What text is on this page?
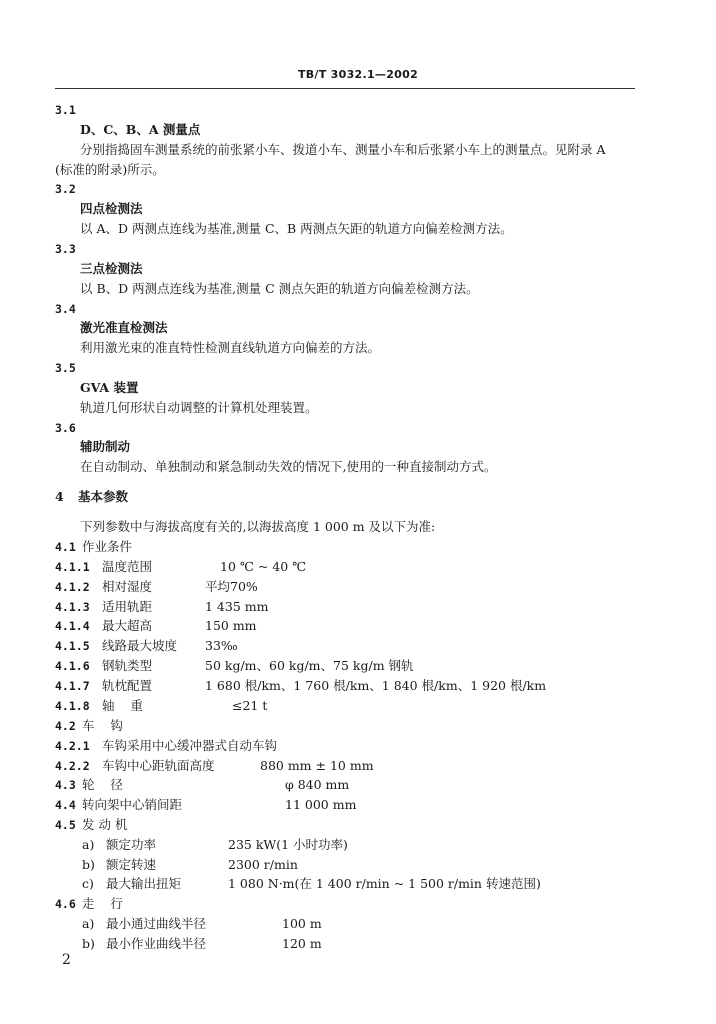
TB/T 3032.1—2002
3.1
D、C、B、A 测量点
分别指捣固车测量系统的前张紧小车、拨道小车、测量小车和后张紧小车上的测量点。见附录 A
(标准的附录)所示。
3.2
四点检测法
以 A、D 两测点连线为基准,测量 C、B 两测点矢距的轨道方向偏差检测方法。
3.3
三点检测法
以 B、D 两测点连线为基准,测量 C 测点矢距的轨道方向偏差检测方法。
3.4
激光准直检测法
利用激光束的准直特性检测直线轨道方向偏差的方法。
3.5
GVA 装置
轨道几何形状自动调整的计算机处理装置。
3.6
辅助制动
在自动制动、单独制动和紧急制动失效的情况下,使用的一种直接制动方式。
4 基本参数
下列参数中与海拔高度有关的,以海拔高度 1 000 m 及以下为准:
4.1 作业条件
4.1.1 温度范围	10 ℃ ~ 40 ℃
4.1.2 相对湿度	平均70%
4.1.3 适用轨距	1 435 mm
4.1.4 最大超高	150 mm
4.1.5 线路最大坡度 33‰
4.1.6 钢轨类型	50 kg/m、60 kg/m、75 kg/m 钢轨
4.1.7 轨枕配置	1 680 根/km、1 760 根/km、1 840 根/km、1 920 根/km
4.1.8 轴    重	≤21 t
4.2 车    钩
4.2.1 车钩采用中心缓冲器式自动车钩
4.2.2 车钩中心距轨面高度	880 mm ± 10 mm
4.3 轮    径	φ 840 mm
4.4 转向架中心销间距	11 000 mm
4.5 发 动 机
a) 额定功率	235 kW(1 小时功率)
b) 额定转速	2300 r/min
c) 最大输出扭矩	1 080 N·m(在 1 400 r/min ~ 1 500 r/min 转速范围)
4.6 走    行
a) 最小通过曲线半径	100 m
b) 最小作业曲线半径	120 m
2
